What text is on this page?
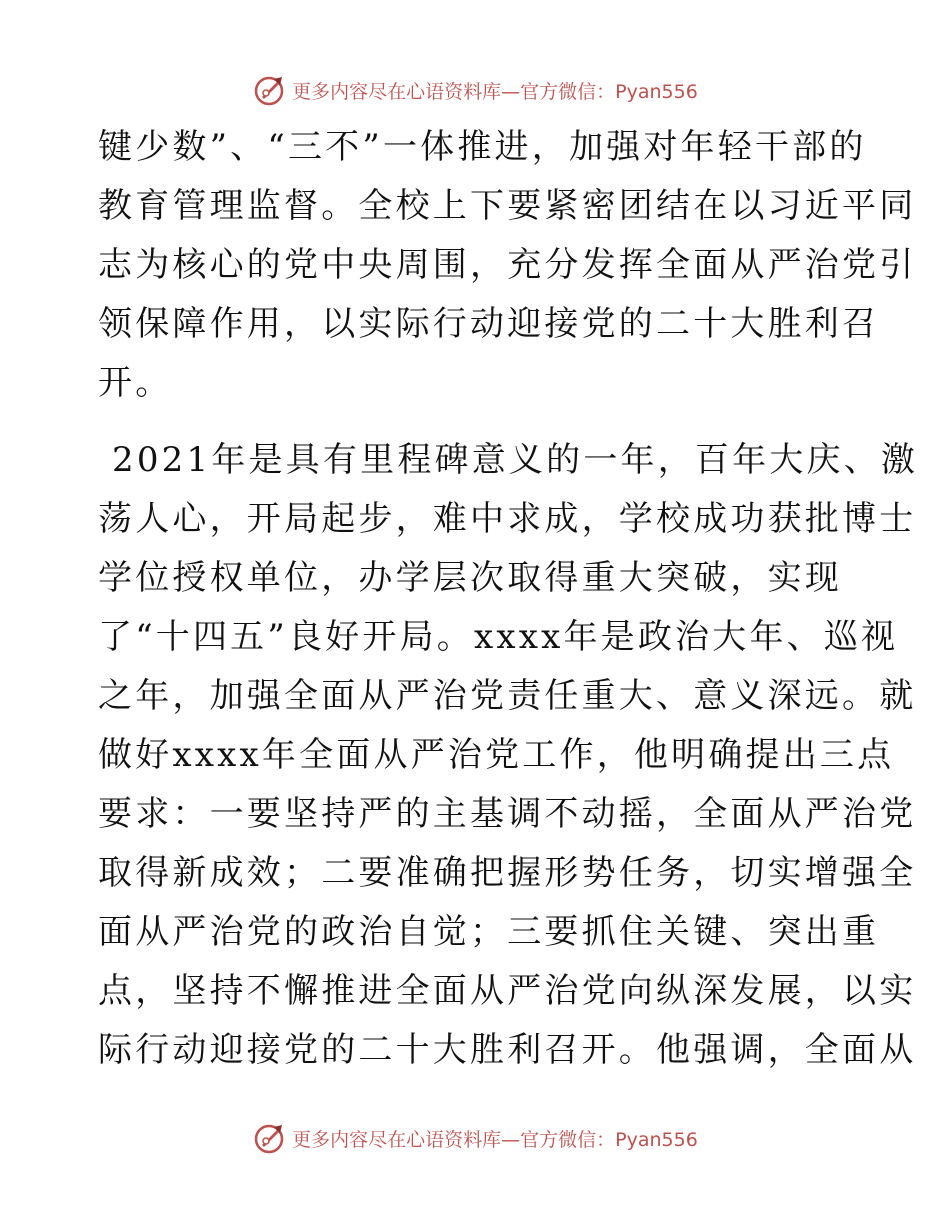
更多内容尽在心语资料库—官方微信：Pyan556
键少数”、“三不”一体推进，加强对年轻干部的
教育管理监督。全校上下要紧密团结在以习近平同
志为核心的党中央周围，充分发挥全面从严治党引
领保障作用，以实际行动迎接党的二十大胜利召
开。
2021年是具有里程碑意义的一年，百年大庆、激
荡人心，开局起步，难中求成，学校成功获批博士
学位授权单位，办学层次取得重大突破，实现
了“十四五”良好开局。xxxx年是政治大年、巡视
之年，加强全面从严治党责任重大、意义深远。就
做好xxxx年全面从严治党工作，他明确提出三点
要求：一要坚持严的主基调不动摇，全面从严治党
取得新成效；二要准确把握形势任务，切实增强全
面从严治党的政治自觉；三要抓住关键、突出重
点，坚持不懈推进全面从严治党向纵深发展，以实
际行动迎接党的二十大胜利召开。他强调，全面从
更多内容尽在心语资料库—官方微信：Pyan556
